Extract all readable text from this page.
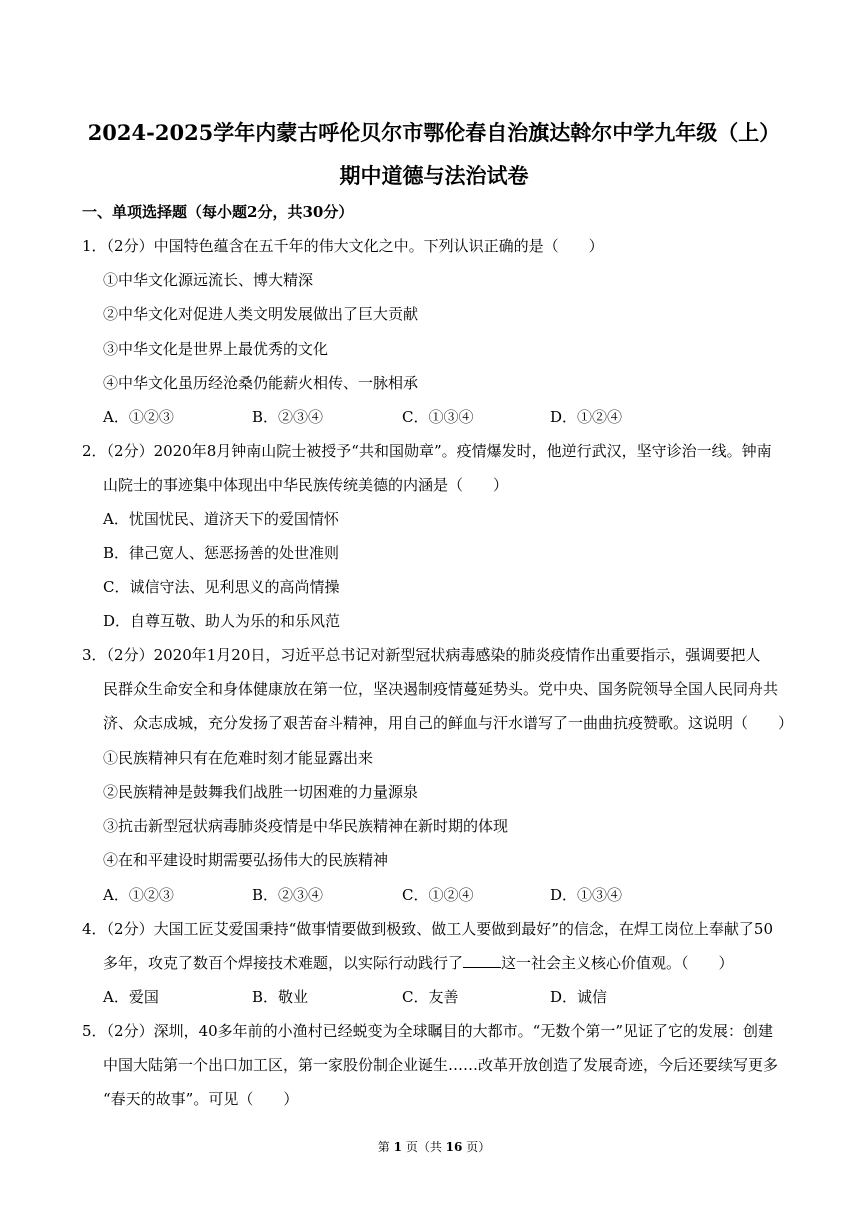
2024-2025学年内蒙古呼伦贝尔市鄂伦春自治旗达斡尔中学九年级（上）
期中道德与法治试卷
一、单项选择题（每小题2分，共30分）
1．（2分）中国特色蕴含在五千年的伟大文化之中。下列认识正确的是（　　）
①中华文化源远流长、博大精深
②中华文化对促进人类文明发展做出了巨大贡献
③中华文化是世界上最优秀的文化
④中华文化虽历经沧桑仍能薪火相传、一脉相承
A．①②③	B．②③④	C．①③④	D．①②④
2．（2分）2020年8月钟南山院士被授予“共和国勋章”。疫情爆发时，他逆行武汉，坚守诊治一线。钟南
山院士的事迹集中体现出中华民族传统美德的内涵是（　　）
A．忧国忧民、道济天下的爱国情怀
B．律己宽人、惩恶扬善的处世准则
C．诚信守法、见利思义的高尚情操
D．自尊互敬、助人为乐的和乐风范
3．（2分）2020年1月20日，习近平总书记对新型冠状病毒感染的肺炎疫情作出重要指示，强调要把人
民群众生命安全和身体健康放在第一位，坚决遏制疫情蔓延势头。党中央、国务院领导全国人民同舟共
济、众志成城，充分发扬了艰苦奋斗精神，用自己的鲜血与汗水谱写了一曲曲抗疫赞歌。这说明（　　）
①民族精神只有在危难时刻才能显露出来
②民族精神是鼓舞我们战胜一切困难的力量源泉
③抗击新型冠状病毒肺炎疫情是中华民族精神在新时期的体现
④在和平建设时期需要弘扬伟大的民族精神
A．①②③	B．②③④	C．①②④	D．①③④
4．（2分）大国工匠艾爱国秉持“做事情要做到极致、做工人要做到最好”的信念，在焊工岗位上奉献了50
多年，攻克了数百个焊接技术难题，以实际行动践行了	这一社会主义核心价值观。（　　）
A．爱国	B．敬业	C．友善	D．诚信
5．（2分）深圳，40多年前的小渔村已经蜕变为全球瞩目的大都市。“无数个第一”见证了它的发展：创建
中国大陆第一个出口加工区，第一家股份制企业诞生……改革开放创造了发展奇迹，今后还要续写更多
“春天的故事”。可见（　　）
第 1 页（共 16 页）
